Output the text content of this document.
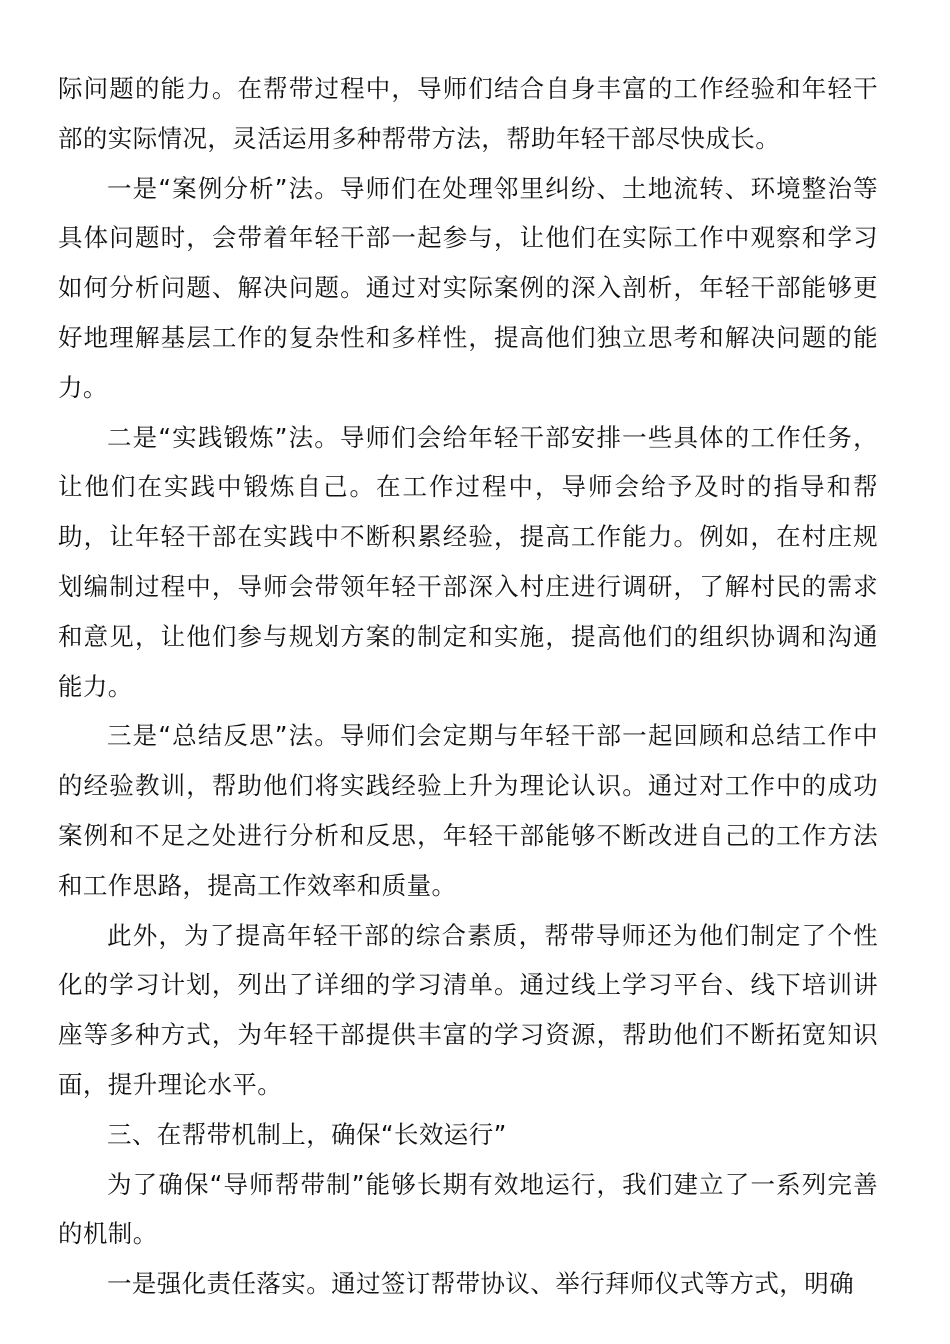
际问题的能力。在帮带过程中，导师们结合自身丰富的工作经验和年轻干部的实际情况，灵活运用多种帮带方法，帮助年轻干部尽快成长。

一是“案例分析”法。导师们在处理邻里纠纷、土地流转、环境整治等具体问题时，会带着年轻干部一起参与，让他们在实际工作中观察和学习如何分析问题、解决问题。通过对实际案例的深入剖析，年轻干部能够更好地理解基层工作的复杂性和多样性，提高他们独立思考和解决问题的能力。

二是“实践锻炼”法。导师们会给年轻干部安排一些具体的工作任务，让他们在实践中锻炼自己。在工作过程中，导师会给予及时的指导和帮助，让年轻干部在实践中不断积累经验，提高工作能力。例如，在村庄规划编制过程中，导师会带领年轻干部深入村庄进行调研，了解村民的需求和意见，让他们参与规划方案的制定和实施，提高他们的组织协调和沟通能力。

三是“总结反思”法。导师们会定期与年轻干部一起回顾和总结工作中的经验教训，帮助他们将实践经验上升为理论认识。通过对工作中的成功案例和不足之处进行分析和反思，年轻干部能够不断改进自己的工作方法和工作思路，提高工作效率和质量。

此外，为了提高年轻干部的综合素质，帮带导师还为他们制定了个性化的学习计划，列出了详细的学习清单。通过线上学习平台、线下培训讲座等多种方式，为年轻干部提供丰富的学习资源，帮助他们不断拓宽知识面，提升理论水平。

三、在帮带机制上，确保“长效运行”

为了确保“导师帮带制”能够长期有效地运行，我们建立了一系列完善的机制。

一是强化责任落实。通过签订帮带协议、举行拜师仪式等方式，明确
